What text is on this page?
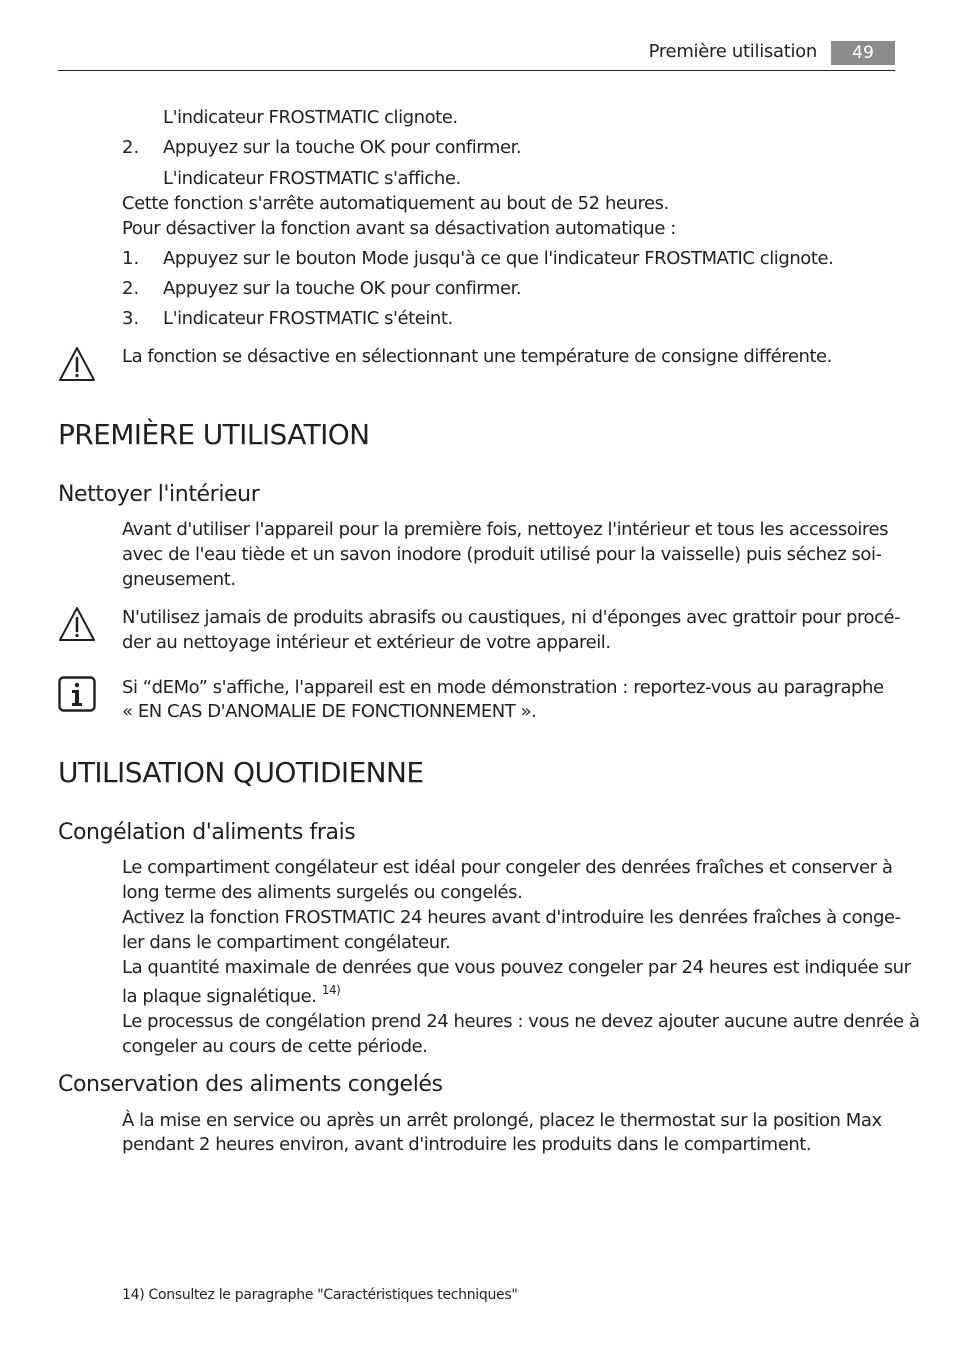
Première utilisation	49
L'indicateur FROSTMATIC clignote.
2. Appuyez sur la touche OK pour confirmer.
L'indicateur FROSTMATIC s'affiche.
Cette fonction s'arrête automatiquement au bout de 52 heures.
Pour désactiver la fonction avant sa désactivation automatique :
1. Appuyez sur le bouton Mode jusqu'à ce que l'indicateur FROSTMATIC clignote.
2. Appuyez sur la touche OK pour confirmer.
3. L'indicateur FROSTMATIC s'éteint.
La fonction se désactive en sélectionnant une température de consigne différente.
PREMIÈRE UTILISATION
Nettoyer l'intérieur
Avant d'utiliser l'appareil pour la première fois, nettoyez l'intérieur et tous les accessoires
avec de l'eau tiède et un savon inodore (produit utilisé pour la vaisselle) puis séchez soi-
gneusement.
N'utilisez jamais de produits abrasifs ou caustiques, ni d'éponges avec grattoir pour procé-
der au nettoyage intérieur et extérieur de votre appareil.
Si “dEMo” s'affiche, l'appareil est en mode démonstration : reportez-vous au paragraphe
« EN CAS D'ANOMALIE DE FONCTIONNEMENT ».
UTILISATION QUOTIDIENNE
Congélation d'aliments frais
Le compartiment congélateur est idéal pour congeler des denrées fraîches et conserver à
long terme des aliments surgelés ou congelés.
Activez la fonction FROSTMATIC 24 heures avant d'introduire les denrées fraîches à conge-
ler dans le compartiment congélateur.
La quantité maximale de denrées que vous pouvez congeler par 24 heures est indiquée sur
la plaque signalétique. $^{14)}$
Le processus de congélation prend 24 heures : vous ne devez ajouter aucune autre denrée à
congeler au cours de cette période.
Conservation des aliments congelés
À la mise en service ou après un arrêt prolongé, placez le thermostat sur la position Max
pendant 2 heures environ, avant d'introduire les produits dans le compartiment.
14) Consultez le paragraphe "Caractéristiques techniques"
